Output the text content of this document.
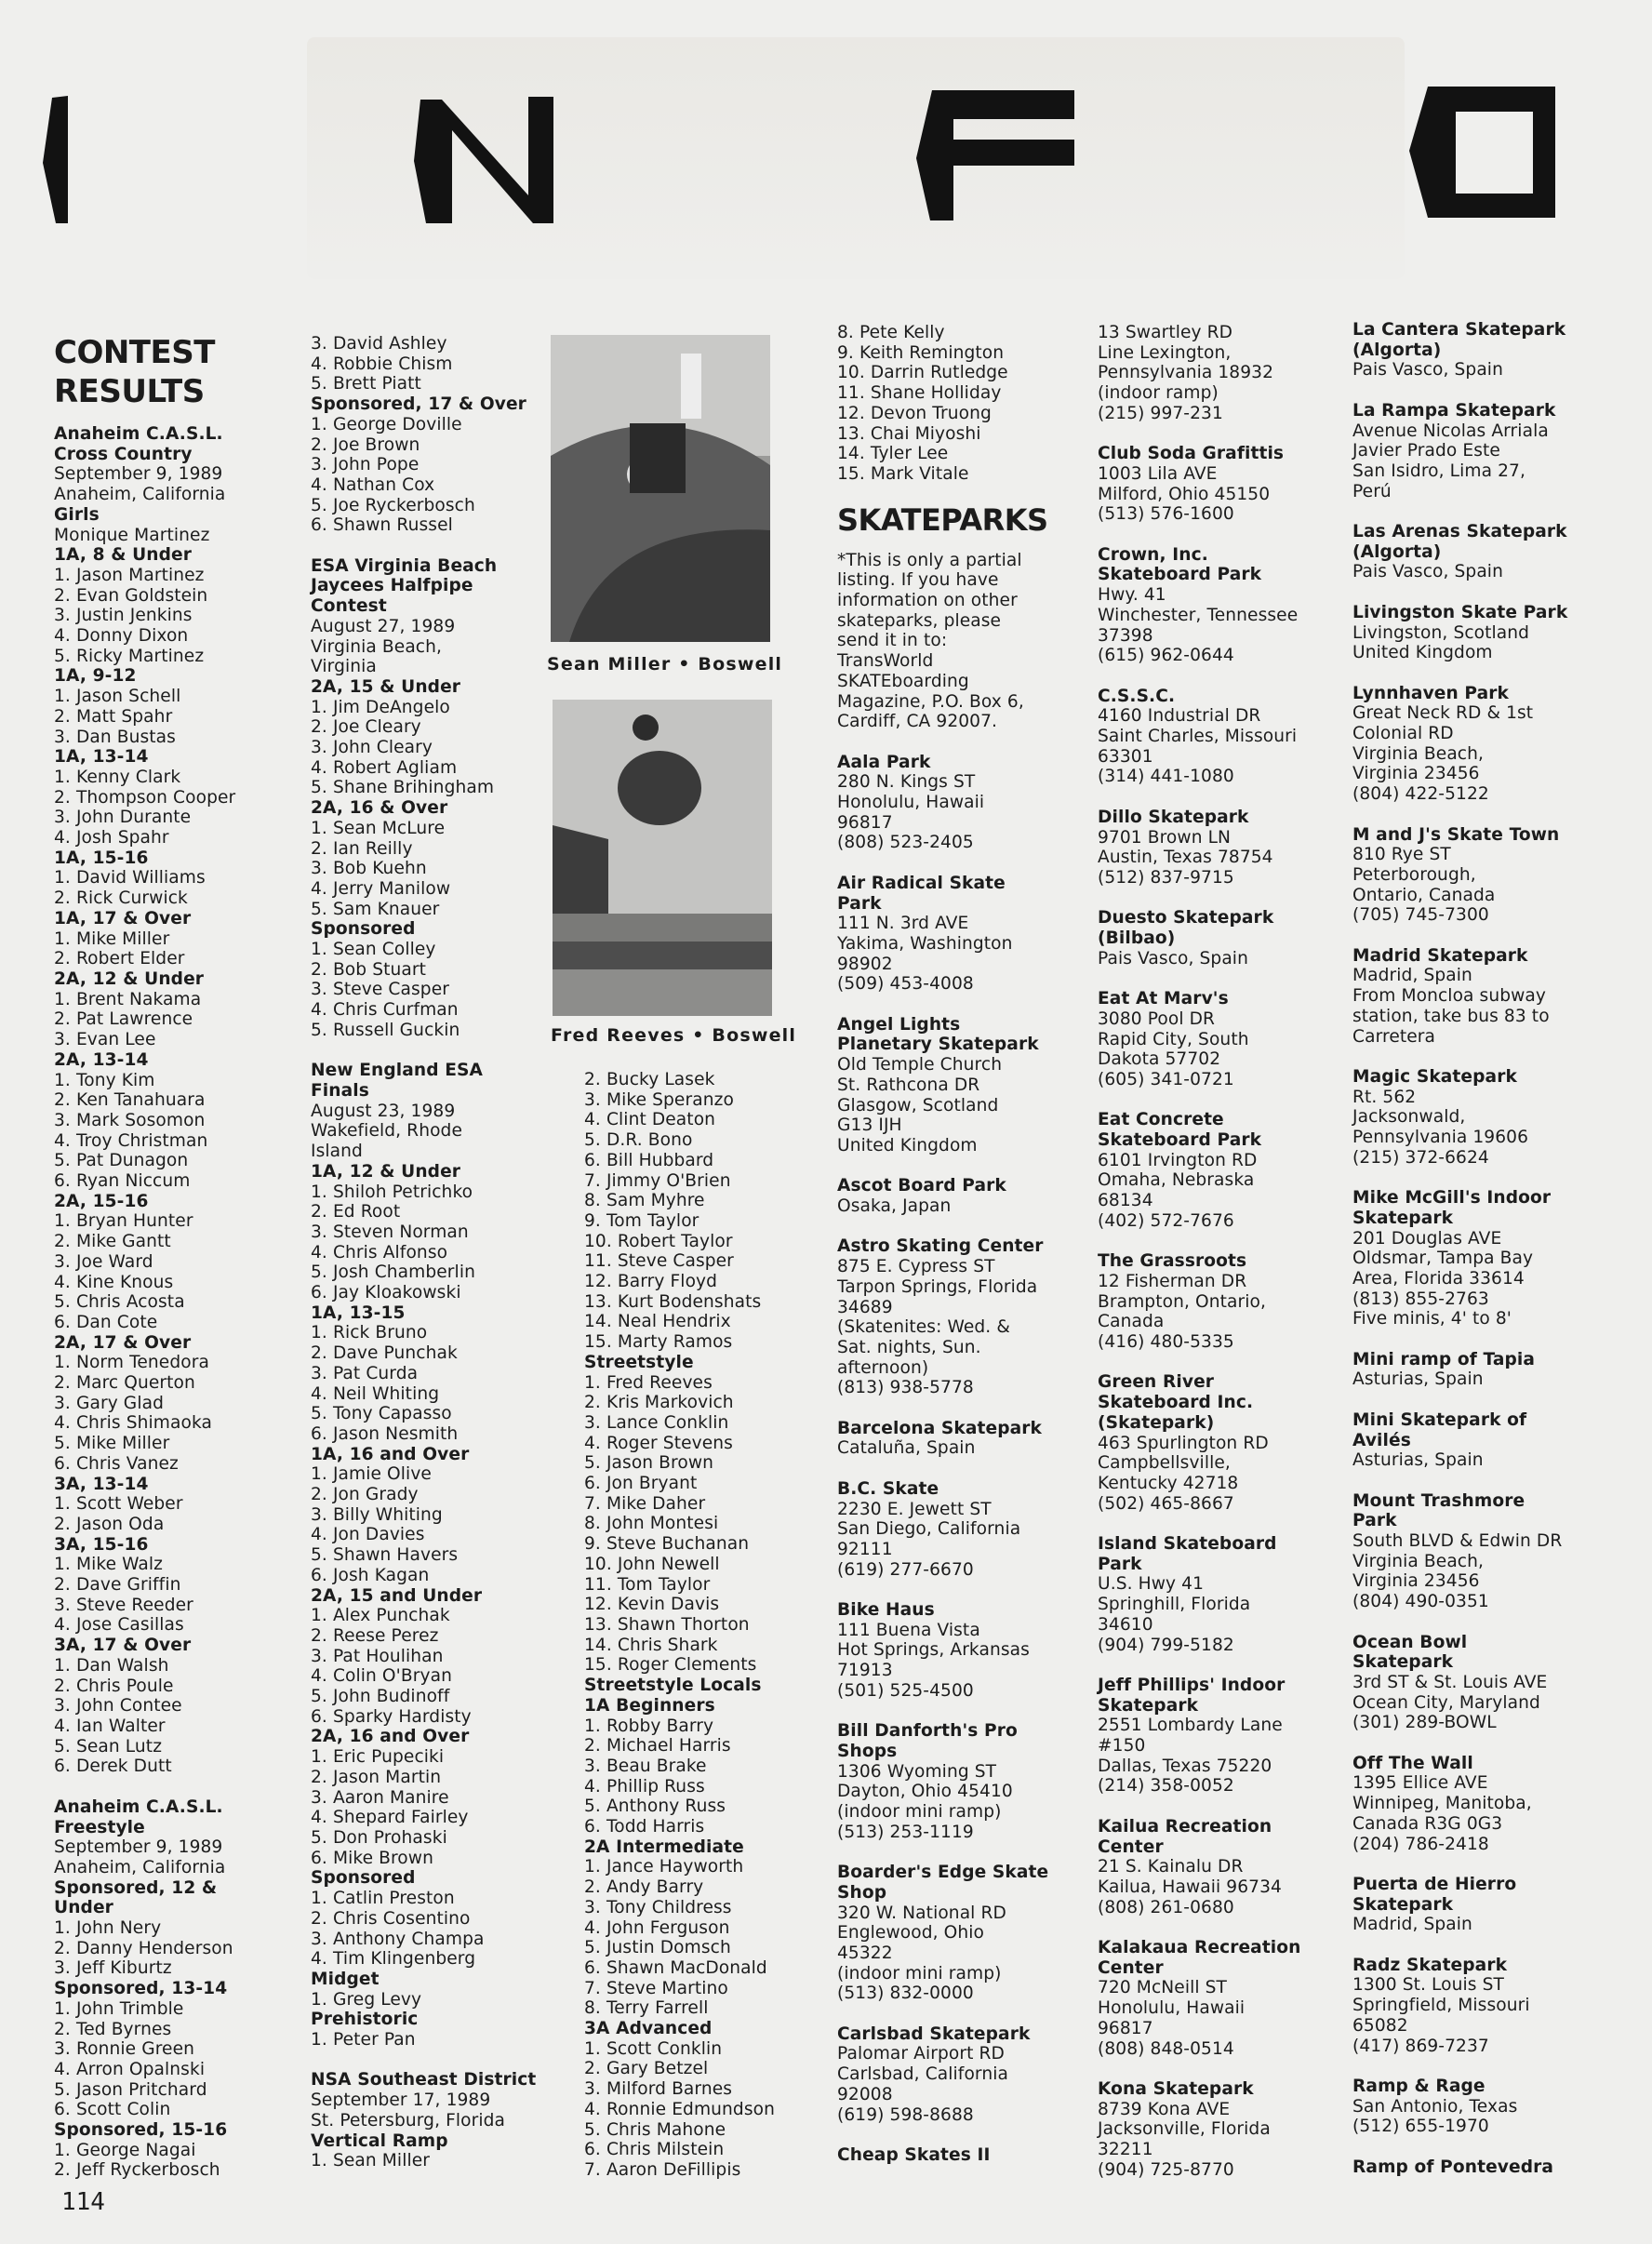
CONTEST
RESULTS
Anaheim C.A.S.L.
Cross Country
September 9, 1989
Anaheim, California
Girls
Monique Martinez
1A, 8 & Under
1. Jason Martinez
2. Evan Goldstein
3. Justin Jenkins
4. Donny Dixon
5. Ricky Martinez
1A, 9-12
1. Jason Schell
2. Matt Spahr
3. Dan Bustas
1A, 13-14
1. Kenny Clark
2. Thompson Cooper
3. John Durante
4. Josh Spahr
1A, 15-16
1. David Williams
2. Rick Curwick
1A, 17 & Over
1. Mike Miller
2. Robert Elder
2A, 12 & Under
1. Brent Nakama
2. Pat Lawrence
3. Evan Lee
2A, 13-14
1. Tony Kim
2. Ken Tanahuara
3. Mark Sosomon
4. Troy Christman
5. Pat Dunagon
6. Ryan Niccum
2A, 15-16
1. Bryan Hunter
2. Mike Gantt
3. Joe Ward
4. Kine Knous
5. Chris Acosta
6. Dan Cote
2A, 17 & Over
1. Norm Tenedora
2. Marc Querton
3. Gary Glad
4. Chris Shimaoka
5. Mike Miller
6. Chris Vanez
3A, 13-14
1. Scott Weber
2. Jason Oda
3A, 15-16
1. Mike Walz
2. Dave Griffin
3. Steve Reeder
4. Jose Casillas
3A, 17 & Over
1. Dan Walsh
2. Chris Poule
3. John Contee
4. Ian Walter
5. Sean Lutz
6. Derek Dutt
Anaheim C.A.S.L.
Freestyle
September 9, 1989
Anaheim, California
Sponsored, 12 &
Under
1. John Nery
2. Danny Henderson
3. Jeff Kiburtz
Sponsored, 13-14
1. John Trimble
2. Ted Byrnes
3. Ronnie Green
4. Arron Opalnski
5. Jason Pritchard
6. Scott Colin
Sponsored, 15-16
1. George Nagai
2. Jeff Ryckerbosch
3. David Ashley
4. Robbie Chism
5. Brett Piatt
Sponsored, 17 & Over
1. George Doville
2. Joe Brown
3. John Pope
4. Nathan Cox
5. Joe Ryckerbosch
6. Shawn Russel
ESA Virginia Beach
Jaycees Halfpipe
Contest
August 27, 1989
Virginia Beach,
Virginia
2A, 15 & Under
1. Jim DeAngelo
2. Joe Cleary
3. John Cleary
4. Robert Agliam
5. Shane Brihingham
2A, 16 & Over
1. Sean McLure
2. Ian Reilly
3. Bob Kuehn
4. Jerry Manilow
5. Sam Knauer
Sponsored
1. Sean Colley
2. Bob Stuart
3. Steve Casper
4. Chris Curfman
5. Russell Guckin
New England ESA
Finals
August 23, 1989
Wakefield, Rhode
Island
1A, 12 & Under
1. Shiloh Petrichko
2. Ed Root
3. Steven Norman
4. Chris Alfonso
5. Josh Chamberlin
6. Jay Kloakowski
1A, 13-15
1. Rick Bruno
2. Dave Punchak
3. Pat Curda
4. Neil Whiting
5. Tony Capasso
6. Jason Nesmith
1A, 16 and Over
1. Jamie Olive
2. Jon Grady
3. Billy Whiting
4. Jon Davies
5. Shawn Havers
6. Josh Kagan
2A, 15 and Under
1. Alex Punchak
2. Reese Perez
3. Pat Houlihan
4. Colin O'Bryan
5. John Budinoff
6. Sparky Hardisty
2A, 16 and Over
1. Eric Pupeciki
2. Jason Martin
3. Aaron Manire
4. Shepard Fairley
5. Don Prohaski
6. Mike Brown
Sponsored
1. Catlin Preston
2. Chris Cosentino
3. Anthony Champa
4. Tim Klingenberg
Midget
1. Greg Levy
Prehistoric
1. Peter Pan
NSA Southeast District
September 17, 1989
St. Petersburg, Florida
Vertical Ramp
1. Sean Miller
Sean Miller • Boswell
Fred Reeves • Boswell
2. Bucky Lasek
3. Mike Speranzo
4. Clint Deaton
5. D.R. Bono
6. Bill Hubbard
7. Jimmy O'Brien
8. Sam Myhre
9. Tom Taylor
10. Robert Taylor
11. Steve Casper
12. Barry Floyd
13. Kurt Bodenshats
14. Neal Hendrix
15. Marty Ramos
Streetstyle
1. Fred Reeves
2. Kris Markovich
3. Lance Conklin
4. Roger Stevens
5. Jason Brown
6. Jon Bryant
7. Mike Daher
8. John Montesi
9. Steve Buchanan
10. John Newell
11. Tom Taylor
12. Kevin Davis
13. Shawn Thorton
14. Chris Shark
15. Roger Clements
Streetstyle Locals
1A Beginners
1. Robby Barry
2. Michael Harris
3. Beau Brake
4. Phillip Russ
5. Anthony Russ
6. Todd Harris
2A Intermediate
1. Jance Hayworth
2. Andy Barry
3. Tony Childress
4. John Ferguson
5. Justin Domsch
6. Shawn MacDonald
7. Steve Martino
8. Terry Farrell
3A Advanced
1. Scott Conklin
2. Gary Betzel
3. Milford Barnes
4. Ronnie Edmundson
5. Chris Mahone
6. Chris Milstein
7. Aaron DeFillipis
8. Pete Kelly
9. Keith Remington
10. Darrin Rutledge
11. Shane Holliday
12. Devon Truong
13. Chai Miyoshi
14. Tyler Lee
15. Mark Vitale
SKATEPARKS
*This is only a partial
listing. If you have
information on other
skateparks, please
send it in to:
TransWorld
SKATEboarding
Magazine, P.O. Box 6,
Cardiff, CA 92007.
Aala Park
280 N. Kings ST
Honolulu, Hawaii
96817
(808) 523-2405
Air Radical Skate
Park
111 N. 3rd AVE
Yakima, Washington
98902
(509) 453-4008
Angel Lights
Planetary Skatepark
Old Temple Church
St. Rathcona DR
Glasgow, Scotland
G13 IJH
United Kingdom
Ascot Board Park
Osaka, Japan
Astro Skating Center
875 E. Cypress ST
Tarpon Springs, Florida
34689
(Skatenites: Wed. &
Sat. nights, Sun.
afternoon)
(813) 938-5778
Barcelona Skatepark
Cataluña, Spain
B.C. Skate
2230 E. Jewett ST
San Diego, California
92111
(619) 277-6670
Bike Haus
111 Buena Vista
Hot Springs, Arkansas
71913
(501) 525-4500
Bill Danforth's Pro
Shops
1306 Wyoming ST
Dayton, Ohio 45410
(indoor mini ramp)
(513) 253-1119
Boarder's Edge Skate
Shop
320 W. National RD
Englewood, Ohio
45322
(indoor mini ramp)
(513) 832-0000
Carlsbad Skatepark
Palomar Airport RD
Carlsbad, California
92008
(619) 598-8688
Cheap Skates II
13 Swartley RD
Line Lexington,
Pennsylvania 18932
(indoor ramp)
(215) 997-231
Club Soda Grafittis
1003 Lila AVE
Milford, Ohio 45150
(513) 576-1600
Crown, Inc.
Skateboard Park
Hwy. 41
Winchester, Tennessee
37398
(615) 962-0644
C.S.S.C.
4160 Industrial DR
Saint Charles, Missouri
63301
(314) 441-1080
Dillo Skatepark
9701 Brown LN
Austin, Texas 78754
(512) 837-9715
Duesto Skatepark
(Bilbao)
Pais Vasco, Spain
Eat At Marv's
3080 Pool DR
Rapid City, South
Dakota 57702
(605) 341-0721
Eat Concrete
Skateboard Park
6101 Irvington RD
Omaha, Nebraska
68134
(402) 572-7676
The Grassroots
12 Fisherman DR
Brampton, Ontario,
Canada
(416) 480-5335
Green River
Skateboard Inc.
(Skatepark)
463 Spurlington RD
Campbellsville,
Kentucky 42718
(502) 465-8667
Island Skateboard
Park
U.S. Hwy 41
Springhill, Florida
34610
(904) 799-5182
Jeff Phillips' Indoor
Skatepark
2551 Lombardy Lane
#150
Dallas, Texas 75220
(214) 358-0052
Kailua Recreation
Center
21 S. Kainalu DR
Kailua, Hawaii 96734
(808) 261-0680
Kalakaua Recreation
Center
720 McNeill ST
Honolulu, Hawaii
96817
(808) 848-0514
Kona Skatepark
8739 Kona AVE
Jacksonville, Florida
32211
(904) 725-8770
La Cantera Skatepark
(Algorta)
Pais Vasco, Spain
La Rampa Skatepark
Avenue Nicolas Arriala
Javier Prado Este
San Isidro, Lima 27,
Perú
Las Arenas Skatepark
(Algorta)
Pais Vasco, Spain
Livingston Skate Park
Livingston, Scotland
United Kingdom
Lynnhaven Park
Great Neck RD & 1st
Colonial RD
Virginia Beach,
Virginia 23456
(804) 422-5122
M and J's Skate Town
810 Rye ST
Peterborough,
Ontario, Canada
(705) 745-7300
Madrid Skatepark
Madrid, Spain
From Moncloa subway
station, take bus 83 to
Carretera
Magic Skatepark
Rt. 562
Jacksonwald,
Pennsylvania 19606
(215) 372-6624
Mike McGill's Indoor
Skatepark
201 Douglas AVE
Oldsmar, Tampa Bay
Area, Florida 33614
(813) 855-2763
Five minis, 4' to 8'
Mini ramp of Tapia
Asturias, Spain
Mini Skatepark of
Avilés
Asturias, Spain
Mount Trashmore
Park
South BLVD & Edwin DR
Virginia Beach,
Virginia 23456
(804) 490-0351
Ocean Bowl
Skatepark
3rd ST & St. Louis AVE
Ocean City, Maryland
(301) 289-BOWL
Off The Wall
1395 Ellice AVE
Winnipeg, Manitoba,
Canada R3G 0G3
(204) 786-2418
Puerta de Hierro
Skatepark
Madrid, Spain
Radz Skatepark
1300 St. Louis ST
Springfield, Missouri
65082
(417) 869-7237
Ramp & Rage
San Antonio, Texas
(512) 655-1970
Ramp of Pontevedra
114
